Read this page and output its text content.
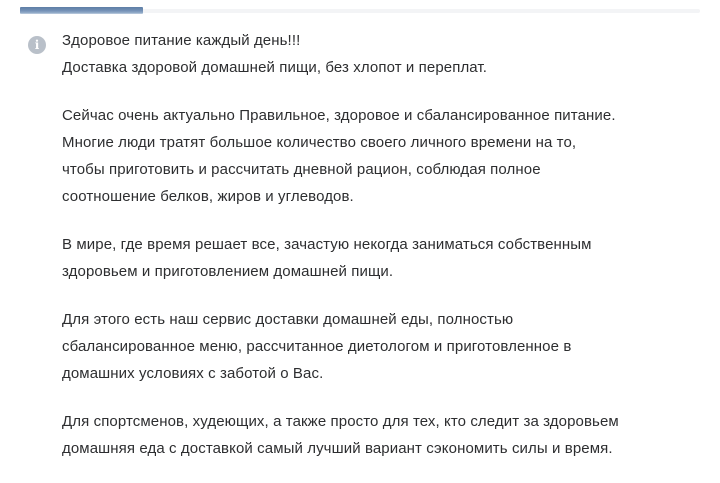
i	Здоровое питание каждый день!!!
Доставка здоровой домашней пищи, без хлопот и переплат.

Сейчас очень актуально Правильное, здоровое и сбалансированное питание.
Многие люди тратят большое количество своего личного времени на то,
чтобы приготовить и рассчитать дневной рацион, соблюдая полное
соотношение белков, жиров и углеводов.

В мире, где время решает все, зачастую некогда заниматься собственным
здоровьем и приготовлением домашней пищи.

Для этого есть наш сервис доставки домашней еды, полностью
сбалансированное меню, рассчитанное диетологом и приготовленное в
домашних условиях с заботой о Вас.

Для спортсменов, худеющих, а также просто для тех, кто следит за здоровьем
домашняя еда с доставкой самый лучший вариант сэкономить силы и время.
